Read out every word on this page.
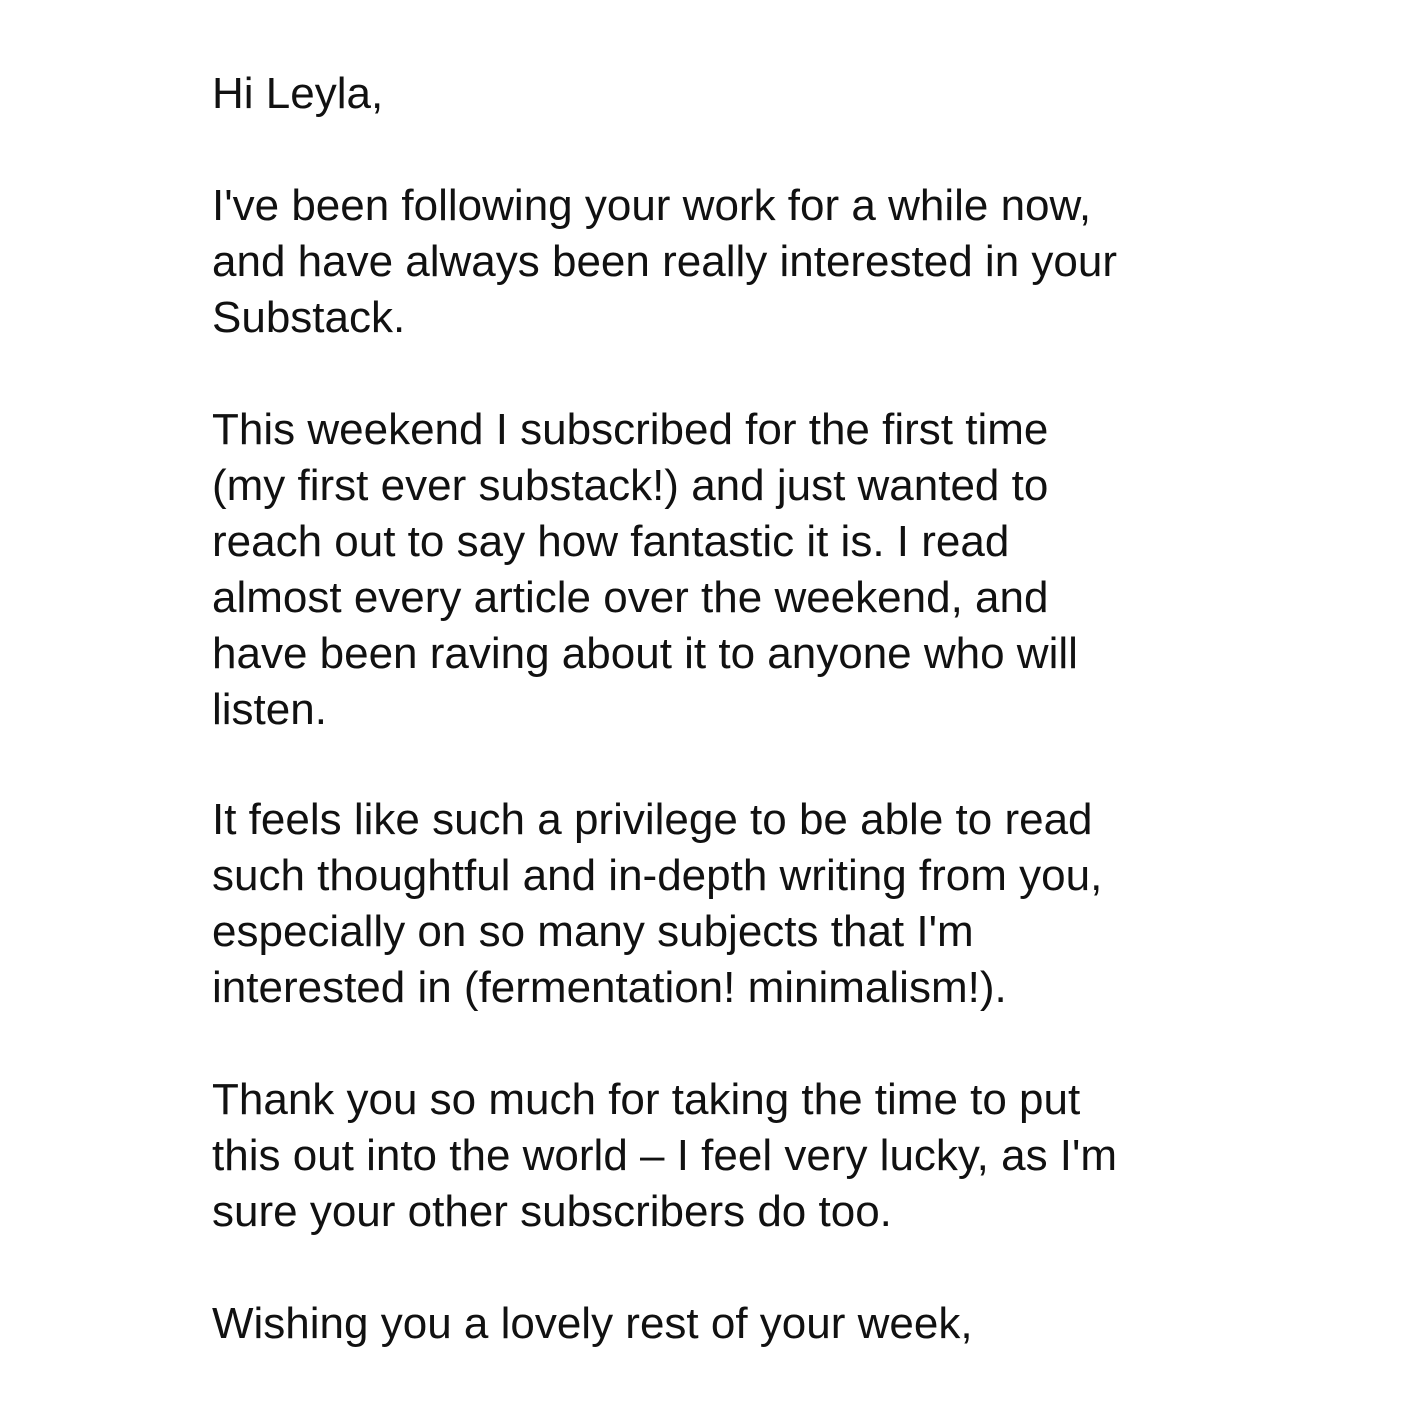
Hi Leyla,
I've been following your work for a while now,
and have always been really interested in your
Substack.
This weekend I subscribed for the first time
(my first ever substack!) and just wanted to
reach out to say how fantastic it is. I read
almost every article over the weekend, and
have been raving about it to anyone who will
listen.
It feels like such a privilege to be able to read
such thoughtful and in-depth writing from you,
especially on so many subjects that I'm
interested in (fermentation! minimalism!).
Thank you so much for taking the time to put
this out into the world – I feel very lucky, as I'm
sure your other subscribers do too.
Wishing you a lovely rest of your week,
